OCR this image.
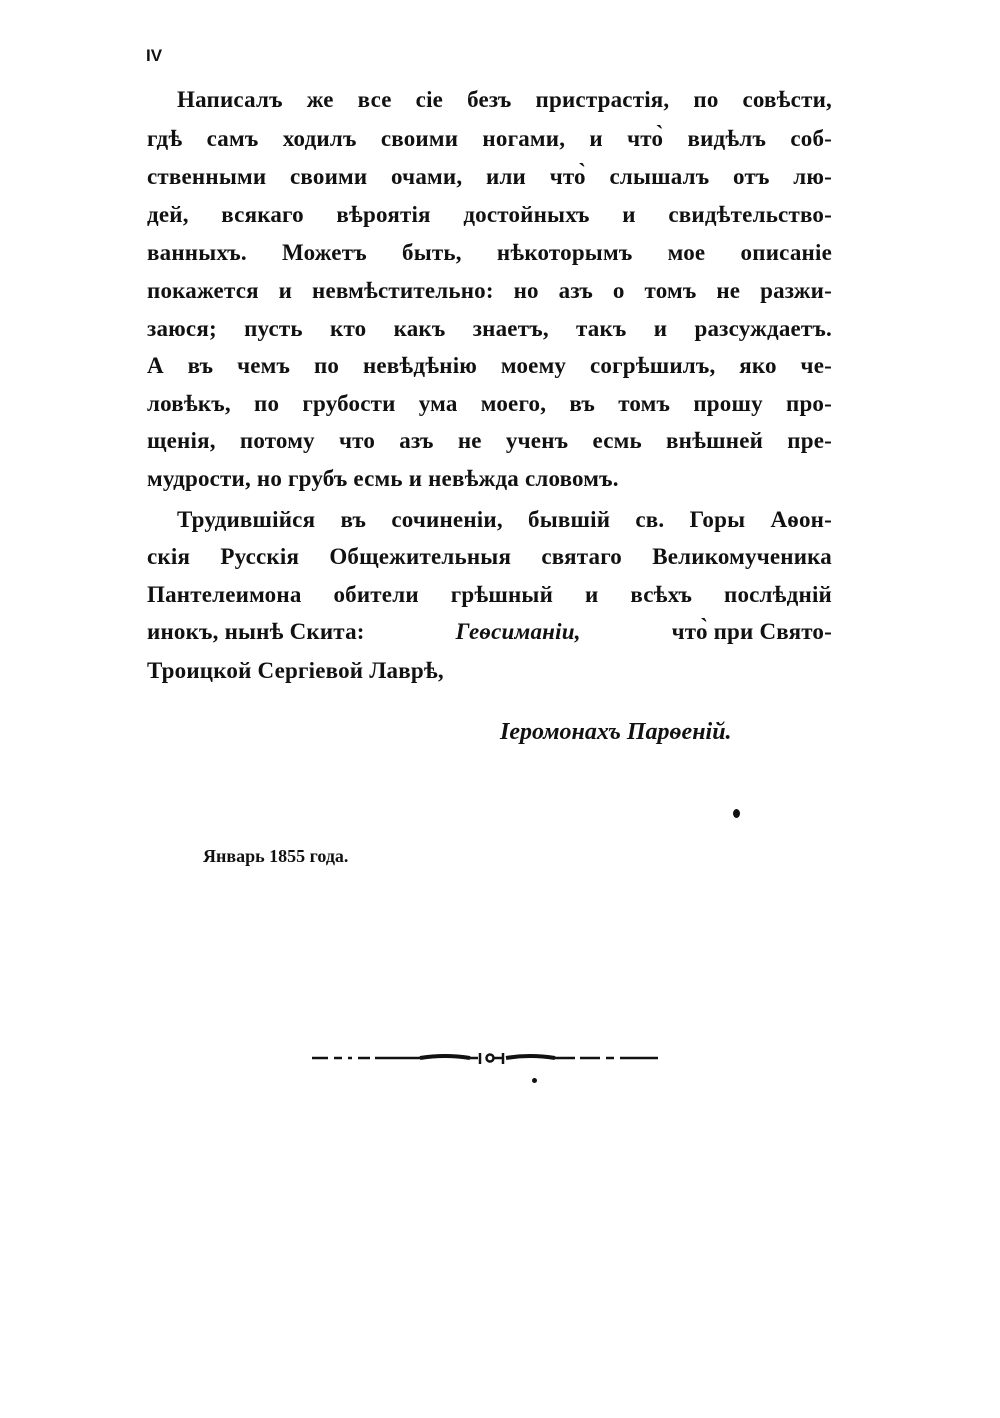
IV
Написалъ же все сіе безъ пристрастія, по совѣсти,
гдѣ самъ ходилъ своими ногами, и что̀ видѣлъ соб-
ственными своими очами, или что̀ слышалъ отъ лю-
дей, всякаго вѣроятія достойныхъ и свидѣтельство-
ванныхъ. Можетъ быть, нѣкоторымъ мое описаніе
покажется и невмѣстительно: но азъ о томъ не разжи-
заюся; пусть кто какъ знаетъ, такъ и разсуждаетъ.
А въ чемъ по невѣдѣнію моему согрѣшилъ, яко че-
ловѣкъ, по грубости ума моего, въ томъ прошу про-
щенія, потому что азъ не ученъ есмь внѣшней пре-
мудрости, но грубъ есмь и невѣжда словомъ.
Трудившійся въ сочиненіи, бывшій св. Горы Аѳон-
скія Русскія Общежительныя святаго Великомученика
Пантелеимона обители грѣшный и всѣхъ послѣдній
инокъ, нынѣ Скита:	Геѳсиманіи,	что̀ при Свято-
Троицкой Сергіевой Лаврѣ,
Іеромонахъ Парѳеній.
Январь 1855 года.
